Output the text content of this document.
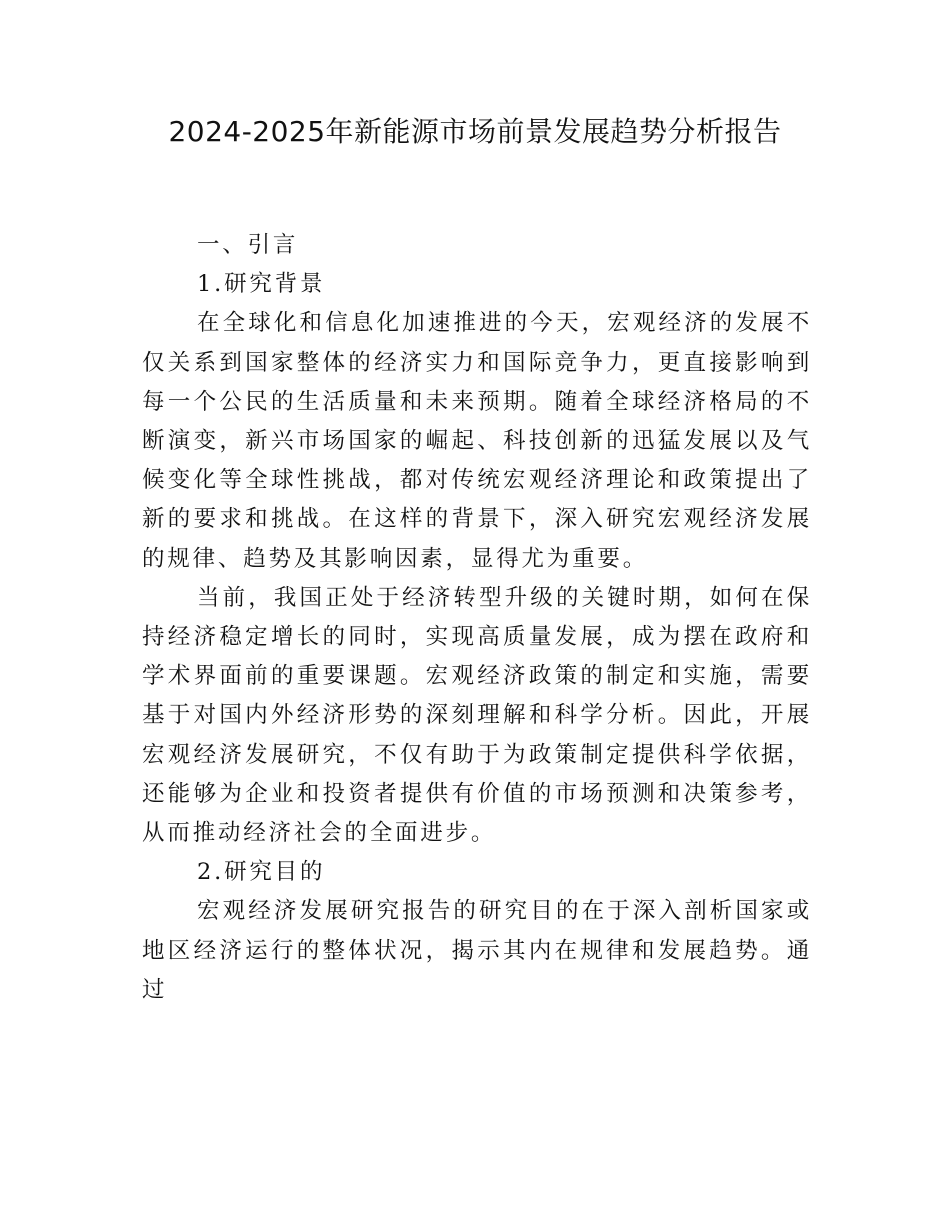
2024-2025年新能源市场前景发展趋势分析报告
一、引言
1.研究背景

在全球化和信息化加速推进的今天，宏观经济的发展不仅关系到国家整体的经济实力和国际竞争力，更直接影响到每一个公民的生活质量和未来预期。随着全球经济格局的不断演变，新兴市场国家的崛起、科技创新的迅猛发展以及气候变化等全球性挑战，都对传统宏观经济理论和政策提出了新的要求和挑战。在这样的背景下，深入研究宏观经济发展的规律、趋势及其影响因素，显得尤为重要。

当前，我国正处于经济转型升级的关键时期，如何在保持经济稳定增长的同时，实现高质量发展，成为摆在政府和学术界面前的重要课题。宏观经济政策的制定和实施，需要基于对国内外经济形势的深刻理解和科学分析。因此，开展宏观经济发展研究，不仅有助于为政策制定提供科学依据，还能够为企业和投资者提供有价值的市场预测和决策参考，从而推动经济社会的全面进步。

2.研究目的

宏观经济发展研究报告的研究目的在于深入剖析国家或地区经济运行的整体状况，揭示其内在规律和发展趋势。通过
